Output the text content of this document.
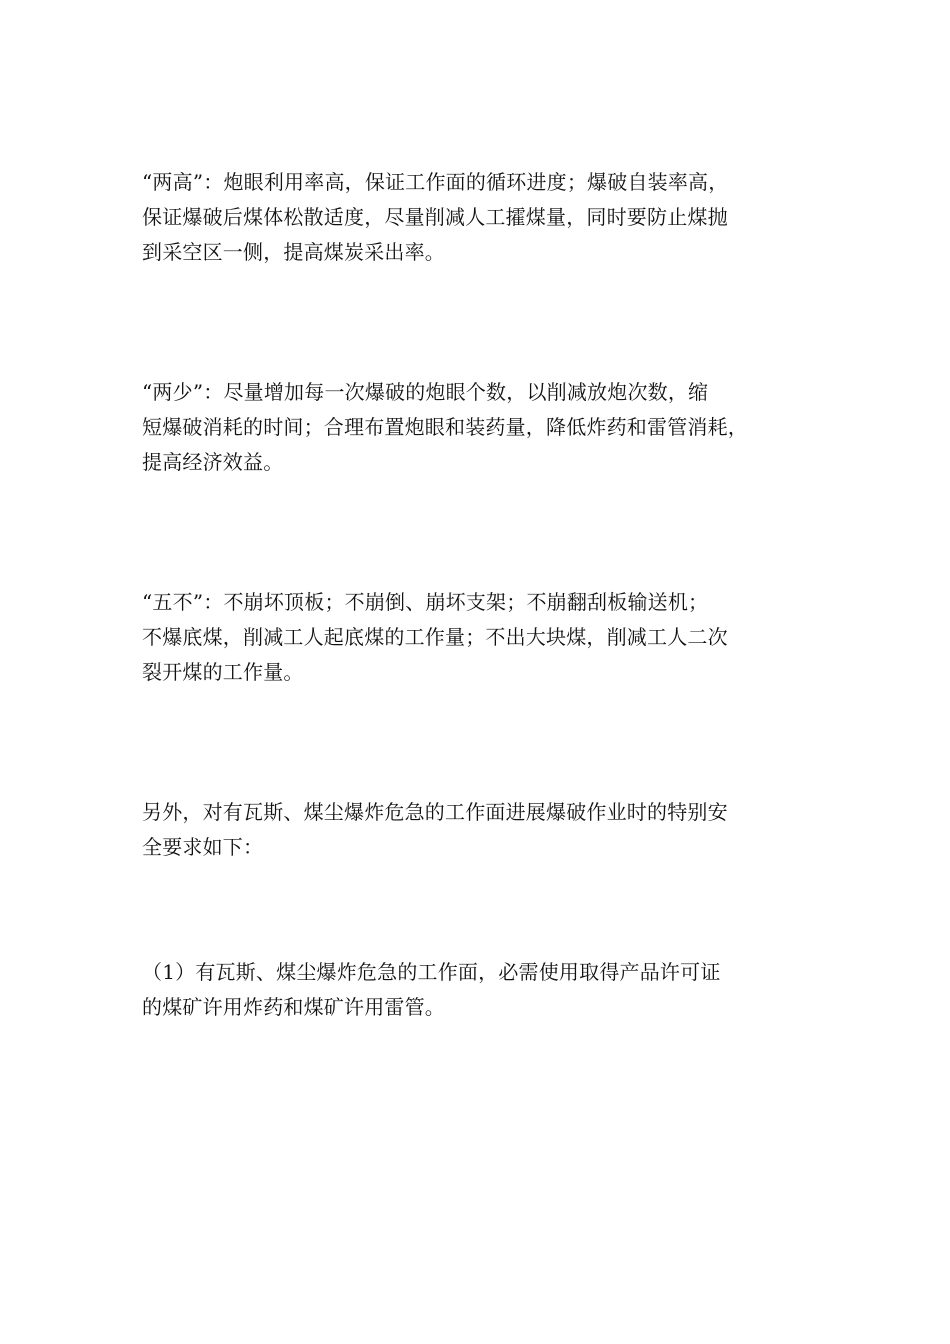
“两高”：炮眼利用率高，保证工作面的循环进度；爆破自装率高，
保证爆破后煤体松散适度，尽量削减人工攉煤量，同时要防止煤抛
到采空区一侧，提高煤炭采出率。

“两少”：尽量增加每一次爆破的炮眼个数，以削减放炮次数，缩
短爆破消耗的时间；合理布置炮眼和装药量，降低炸药和雷管消耗，
提高经济效益。

“五不”：不崩坏顶板；不崩倒、崩坏支架；不崩翻刮板输送机；
不爆底煤，削减工人起底煤的工作量；不出大块煤，削减工人二次
裂开煤的工作量。

另外，对有瓦斯、煤尘爆炸危急的工作面进展爆破作业时的特别安
全要求如下：

（1）有瓦斯、煤尘爆炸危急的工作面，必需使用取得产品许可证
的煤矿许用炸药和煤矿许用雷管。
